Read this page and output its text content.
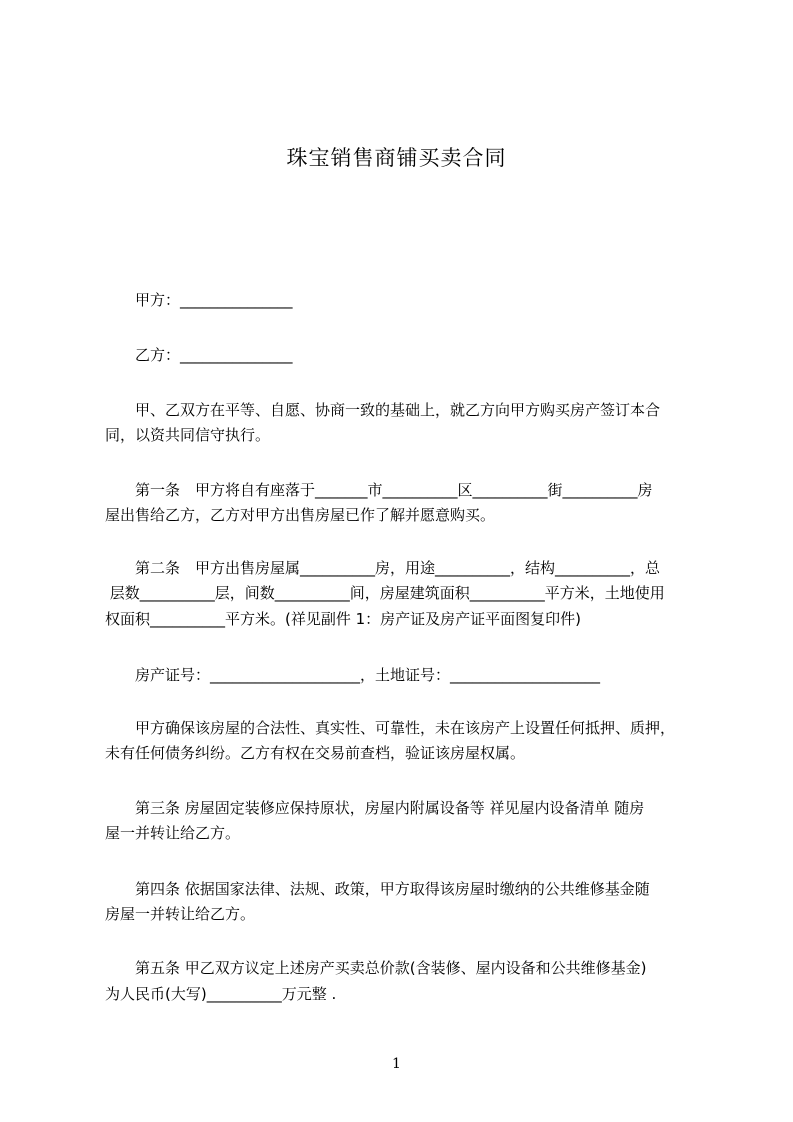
珠宝销售商铺买卖合同
　　甲方：_______________
　　乙方：_______________
　　甲、乙双方在平等、自愿、协商一致的基础上，就乙方向甲方购买房产签订本合
同，以资共同信守执行。
　　第一条　甲方将自有座落于_______市__________区__________街__________房
屋出售给乙方，乙方对甲方出售房屋已作了解并愿意购买。
　　第二条　甲方出售房屋属__________房，用途__________，结构__________，总
层数__________层，间数__________间，房屋建筑面积__________平方米，土地使用
权面积__________平方米。(祥见副件 1：房产证及房产证平面图复印件)
　　房产证号：____________________，土地证号：____________________
　　甲方确保该房屋的合法性、真实性、可靠性，未在该房产上设置任何抵押、质押，
未有任何债务纠纷。乙方有权在交易前查档，验证该房屋权属。
　　第三条 房屋固定装修应保持原状，房屋内附属设备等 祥见屋内设备清单 随房
屋一并转让给乙方。
　　第四条 依据国家法律、法规、政策，甲方取得该房屋时缴纳的公共维修基金随
房屋一并转让给乙方。
　　第五条 甲乙双方议定上述房产买卖总价款(含装修、屋内设备和公共维修基金)
为人民币(大写)__________万元整 .
1
